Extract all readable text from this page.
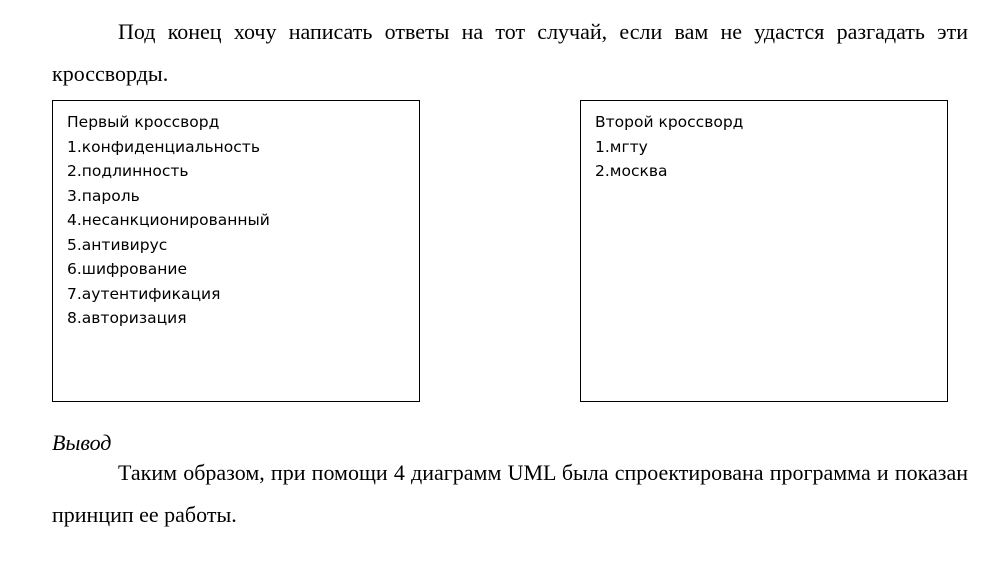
Под конец хочу написать ответы на тот случай, если вам не удастся разгадать эти кроссворды.
Первый кроссворд
1.конфиденциальность
2.подлинность
3.пароль
4.несанкционированный
5.антивирус
6.шифрование
7.аутентификация
8.авторизация
Второй кроссворд
1.мгту
2.москва
Вывод
Таким образом, при помощи 4 диаграмм UML была спроектирована программа и показан принцип ее работы.
